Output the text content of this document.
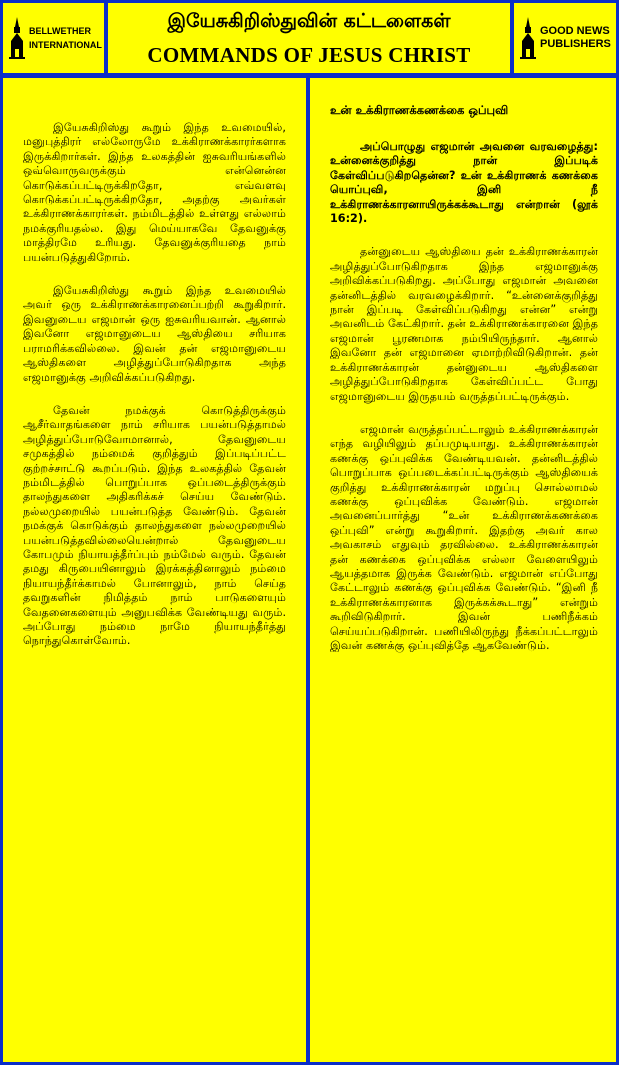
BELLWETHER
INTERNATIONAL
இயேசுகிறிஸ்துவின் கட்டளைகள்
COMMANDS OF JESUS CHRIST
GOOD NEWS
PUBLISHERS

இயேசுகிறிஸ்து கூறும் இந்த உவமையில், மனுபுத்திரர் எல்லோருமே உக்கிராணக்காரர்களாக இருக்கிறார்கள். இந்த உலகத்தின் ஐசுவரியங்களில் ஒவ்வொருவருக்கும் என்னென்ன கொடுக்கப்பட்டிருக்கிறதோ, எவ்வளவு கொடுக்கப்பட்டிருக்கிறதோ, அதற்கு அவர்கள் உக்கிராணக்காரர்கள். நம்மிடத்தில் உள்ளது எல்லாம் நமக்குரியதல்ல. இது மெய்யாகவே தேவனுக்கு மாத்திரமே உரியது. தேவனுக்குரியதை நாம் பயன்படுத்துகிறோம்.

இயேசுகிறிஸ்து கூறும் இந்த உவமையில் அவர் ஒரு உக்கிராணக்காரனைப்பற்றி கூறுகிறார். இவனுடைய எஜமான் ஒரு ஐசுவரியவான். ஆனால் இவனோ எஜமானுடைய ஆஸ்தியை சரியாக பராமரிக்கவில்லை. இவன் தன் எஜமானுடைய ஆஸ்திகளை அழித்துப்போடுகிறதாக அந்த எஜமானுக்கு அறிவிக்கப்படுகிறது.

தேவன் நமக்குக் கொடுத்திருக்கும் ஆசீர்வாதங்களை நாம் சரியாக பயன்படுத்தாமல் அழித்துப்போடுவோமானால், தேவனுடைய சமுகத்தில் நம்மைக் குறித்தும் இப்படிப்பட்ட குற்றச்சாட்டு கூறப்படும். இந்த உலகத்தில் தேவன் நம்மிடத்தில் பொறுப்பாக ஒப்படைத்திருக்கும் தாலந்துகளை அதிகரிக்கச் செய்ய வேண்டும். நல்லமுறையில் பயன்படுத்த வேண்டும். தேவன் நமக்குக் கொடுக்கும் தாலந்துகளை நல்லமுறையில் பயன்படுத்தவில்லையென்றால் தேவனுடைய கோபமும் நியாயத்தீர்ப்பும் நம்மேல் வரும். தேவன் தமது கிருபையினாலும் இரக்கத்தினாலும் நம்மை நியாயந்தீர்க்காமல் போனாலும், நாம் செய்த தவறுகளின் நிமித்தம் நாம் பாடுகளையும் வேதனைகளையும் அனுபவிக்க வேண்டியது வரும். அப்போது நம்மை நாமே நியாயந்தீர்த்து நொந்துகொள்வோம்.

உன் உக்கிராணக்கணக்கை ஒப்புவி

அப்பொழுது எஜமான் அவனை வரவழைத்து: உன்னைக்குறித்து நான் இப்படிக் கேள்விப்படுகிறதென்ன? உன் உக்கிராணக் கணக்கை யொப்புவி, இனி நீ உக்கிராணக்காரனாயிருக்கக்கூடாது என்றான் (லூக் 16:2).

தன்னுடைய ஆஸ்தியை தன் உக்கிராணக்காரன் அழித்துப்போடுகிறதாக இந்த எஜமானுக்கு அறிவிக்கப்படுகிறது. அப்போது எஜமான் அவனை தன்னிடத்தில் வரவழைக்கிறார். “உன்னைக்குறித்து நான் இப்படி கேள்விப்படுகிறது என்ன” என்று அவனிடம் கேட்கிறார். தன் உக்கிராணக்காரனை இந்த எஜமான் பூரணமாக நம்பியிருந்தார். ஆனால் இவனோ தன் எஜமானை ஏமாற்றிவிடுகிறான். தன் உக்கிராணக்காரன் தன்னுடைய ஆஸ்திகளை அழித்துப்போடுகிறதாக கேள்விப்பட்ட போது எஜமானுடைய இருதயம் வருத்தப்பட்டிருக்கும்.

எஜமான் வருத்தப்பட்டாலும் உக்கிராணக்காரன் எந்த வழியிலும் தப்பமுடியாது. உக்கிராணக்காரன் கணக்கு ஒப்புவிக்க வேண்டியவன். தன்னிடத்தில் பொறுப்பாக ஒப்படைக்கப்பட்டிருக்கும் ஆஸ்தியைக் குறித்து உக்கிராணக்காரன் மறுப்பு சொல்லாமல் கணக்கு ஒப்புவிக்க வேண்டும். எஜமான் அவனைப்பார்த்து “உன் உக்கிராணக்கணக்கை ஒப்புவி” என்று கூறுகிறார். இதற்கு அவர் கால அவகாசம் எதுவும் தரவில்லை. உக்கிராணக்காரன் தன் கணக்கை ஒப்புவிக்க எல்லா வேளையிலும் ஆயத்தமாக இருக்க வேண்டும். எஜமான் எப்போது கேட்டாலும் கணக்கு ஒப்புவிக்க வேண்டும். “இனி நீ உக்கிராணக்காரனாக இருக்கக்கூடாது” என்றும் கூறிவிடுகிறார். இவன் பணிநீக்கம் செய்யப்படுகிறான். பணியிலிருந்து நீக்கப்பட்டாலும் இவன் கணக்கு ஒப்புவித்தே ஆகவேண்டும்.
